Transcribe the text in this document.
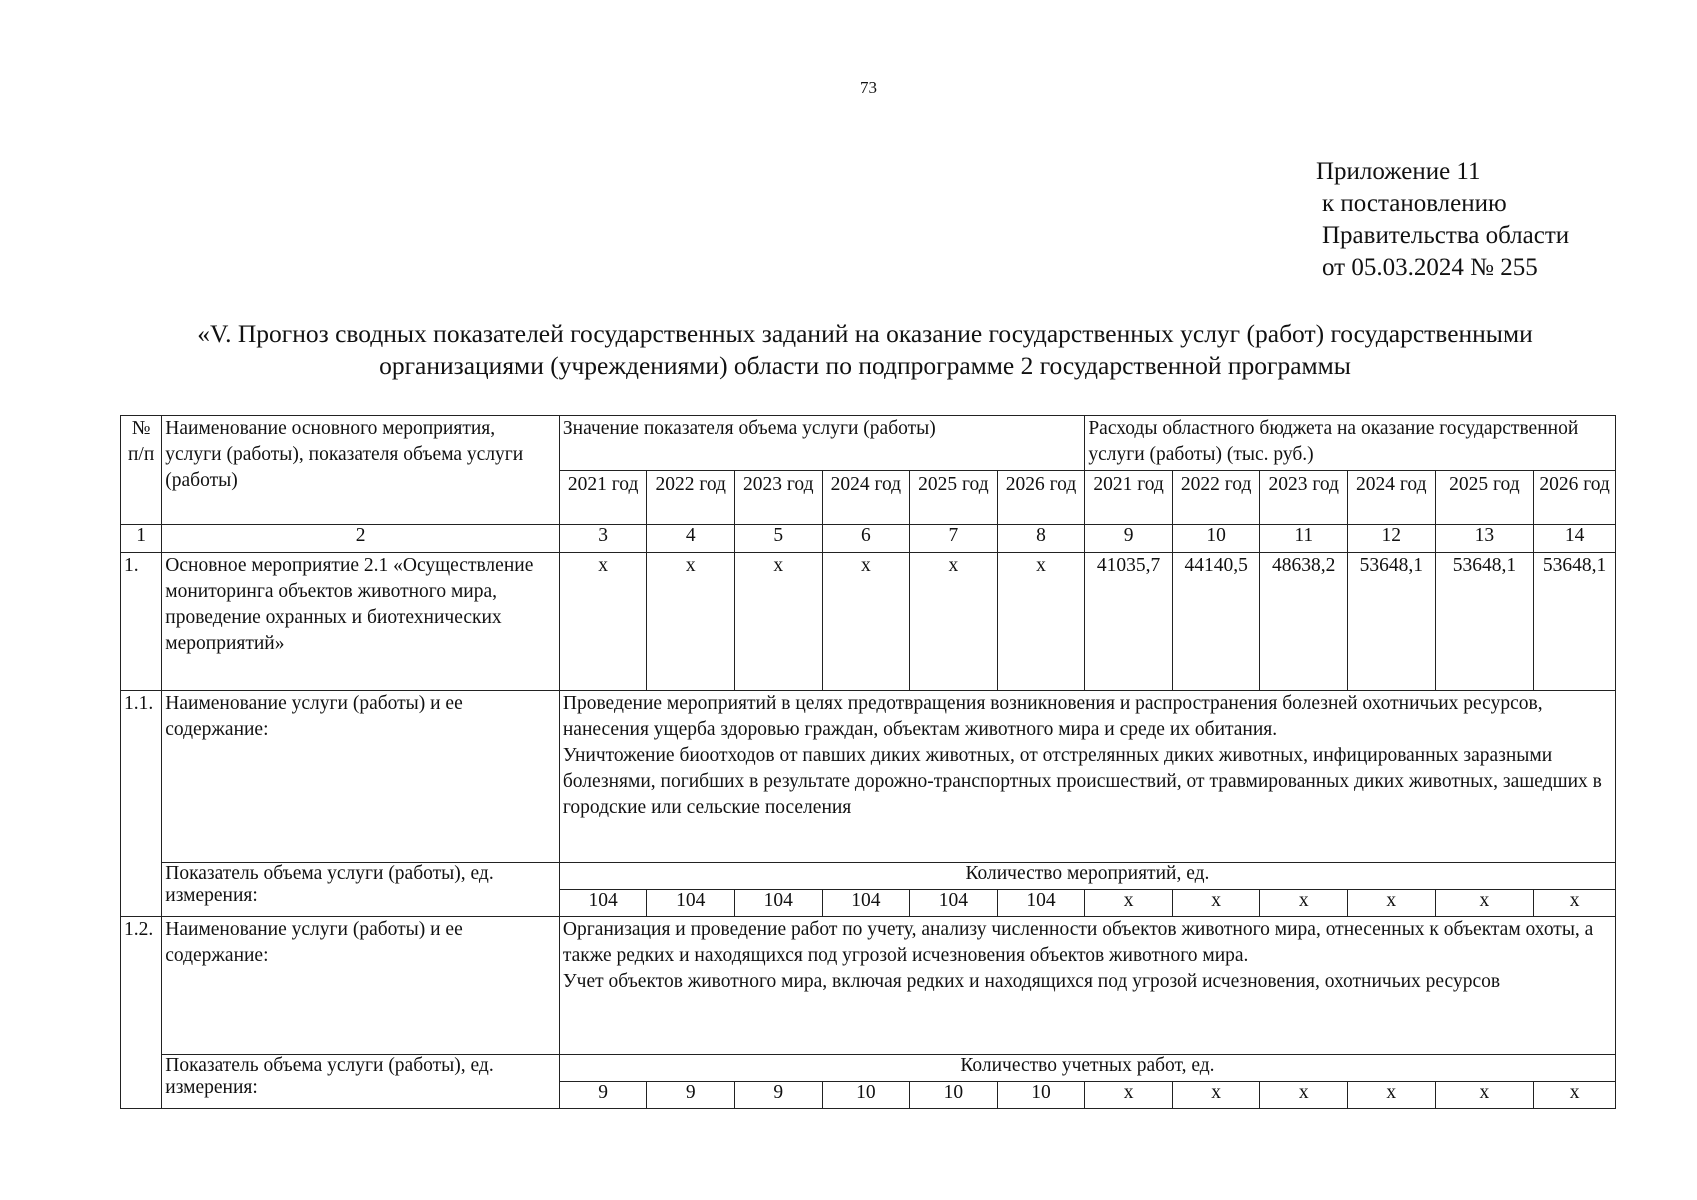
73
Приложение 11
к постановлению
Правительства области
от 05.03.2024 № 255
«V. Прогноз сводных показателей государственных заданий на оказание государственных услуг (работ) государственными
организациями (учреждениями) области по подпрограмме 2 государственной программы
№ п/п	Наименование основного мероприятия, услуги (работы), показателя объема услуги (работы)	Значение показателя объема услуги (работы)						Расходы областного бюджета на оказание государственной услуги (работы) (тыс. руб.)					
		2021 год	2022 год	2023 год	2024 год	2025 год	2026 год	2021 год	2022 год	2023 год	2024 год	2025 год	2026 год
1	2	3	4	5	6	7	8	9	10	11	12	13	14
1.	Основное мероприятие 2.1 «Осуществление мониторинга объектов животного мира, проведение охранных и биотехнических мероприятий»	x	x	x	x	x	x	41035,7	44140,5	48638,2	53648,1	53648,1	53648,1
1.1.	Наименование услуги (работы) и ее содержание:	Проведение мероприятий в целях предотвращения возникновения и распространения болезней охотничьих ресурсов, нанесения ущерба здоровью граждан, объектам животного мира и среде их обитания.
Уничтожение биоотходов от павших диких животных, от отстрелянных диких животных, инфицированных заразными болезнями, погибших в результате дорожно-транспортных происшествий, от травмированных диких животных, зашедших в городские или сельские поселения											

	Показатель объема услуги (работы), ед. измерения:	Количество мероприятий, ед.											
		104	104	104	104	104	104	x	x	x	x	x	x
1.2.	Наименование услуги (работы) и ее содержание:	Организация и проведение работ по учету, анализу численности объектов животного мира, отнесенных к объектам охоты, а также редких и находящихся под угрозой исчезновения объектов животного мира.
Учет объектов животного мира, включая редких и находящихся под угрозой исчезновения, охотничьих ресурсов											

	Показатель объема услуги (работы), ед. измерения:	Количество учетных работ, ед.											
		9	9	9	10	10	10	x	x	x	x	x	x
